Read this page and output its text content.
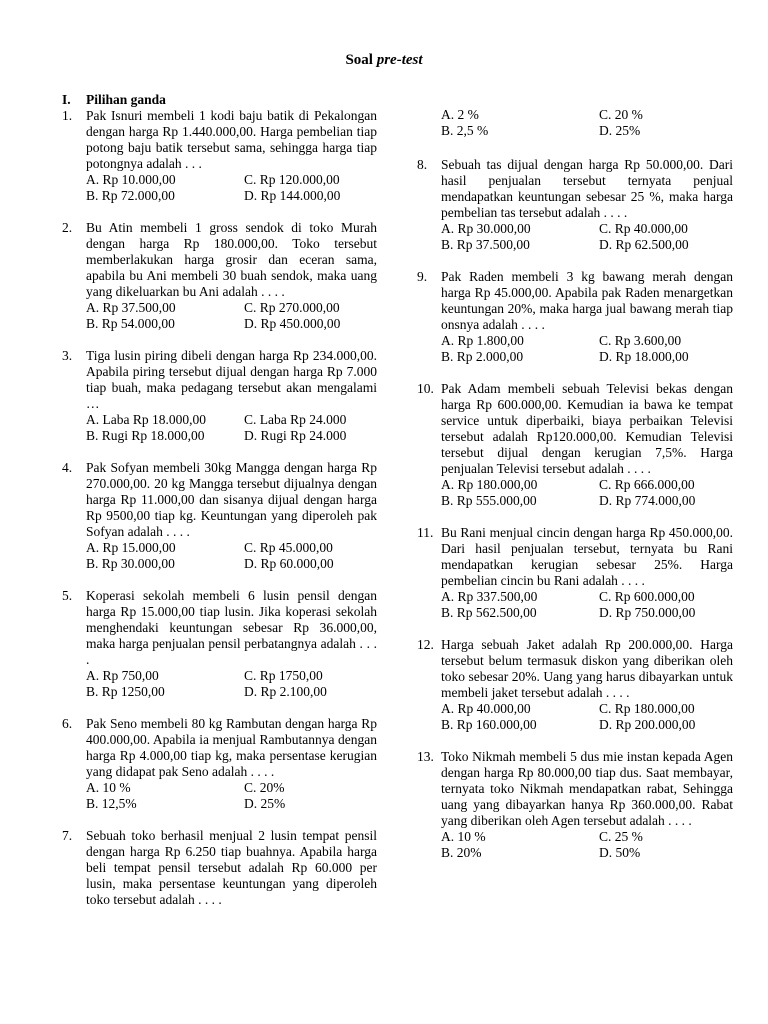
Soal pre-test
I.	Pilihan ganda
1.	Pak Isnuri membeli 1 kodi baju batik di Pekalongan dengan harga Rp 1.440.000,00. Harga pembelian tiap potong baju batik tersebut sama, sehingga harga tiap potongnya adalah . . .
A. Rp 10.000,00	C. Rp 120.000,00
B. Rp 72.000,00	D. Rp 144.000,00
2.	Bu Atin membeli 1 gross sendok di toko Murah dengan harga Rp 180.000,00. Toko tersebut memberlakukan harga grosir dan eceran sama, apabila bu Ani membeli 30 buah sendok, maka uang yang dikeluarkan bu Ani adalah . . . .
A. Rp 37.500,00	C. Rp 270.000,00
B. Rp 54.000,00	D. Rp 450.000,00
3.	Tiga lusin piring dibeli dengan harga Rp 234.000,00. Apabila piring tersebut dijual dengan harga Rp 7.000 tiap buah, maka pedagang tersebut akan mengalami …
A. Laba Rp 18.000,00	C. Laba Rp 24.000
B. Rugi Rp 18.000,00	D. Rugi Rp 24.000
4.	Pak Sofyan membeli 30kg Mangga dengan harga Rp 270.000,00. 20 kg Mangga tersebut dijualnya dengan harga Rp 11.000,00 dan sisanya dijual dengan harga Rp 9500,00 tiap kg. Keuntungan yang diperoleh pak Sofyan adalah . . . .
A. Rp 15.000,00	C. Rp 45.000,00
B. Rp 30.000,00	D. Rp 60.000,00
5.	Koperasi sekolah membeli 6 lusin pensil dengan harga Rp 15.000,00 tiap lusin. Jika koperasi sekolah menghendaki keuntungan sebesar Rp 36.000,00, maka harga penjualan pensil perbatangnya adalah . . . .
A. Rp 750,00	C. Rp 1750,00
B. Rp 1250,00	D. Rp 2.100,00
6.	Pak Seno membeli 80 kg Rambutan dengan harga Rp 400.000,00. Apabila ia menjual Rambutannya dengan harga Rp 4.000,00 tiap kg, maka persentase kerugian yang didapat pak Seno adalah . . . .
A. 10 %	C. 20%
B. 12,5%	D. 25%
7.	Sebuah toko berhasil menjual 2 lusin tempat pensil dengan harga Rp 6.250 tiap buahnya. Apabila harga beli tempat pensil tersebut adalah Rp 60.000 per lusin, maka persentase keuntungan yang diperoleh toko tersebut adalah . . . .
A. 2 %	C. 20 %
B. 2,5 %	D. 25%
8.	Sebuah tas dijual dengan harga Rp 50.000,00. Dari hasil penjualan tersebut ternyata penjual mendapatkan keuntungan sebesar 25 %, maka harga pembelian tas tersebut adalah . . . .
A. Rp 30.000,00	C. Rp 40.000,00
B. Rp 37.500,00	D. Rp 62.500,00
9.	Pak Raden membeli 3 kg bawang merah dengan harga Rp 45.000,00. Apabila pak Raden menargetkan keuntungan 20%, maka harga jual bawang merah tiap onsnya adalah . . . .
A. Rp 1.800,00	C. Rp 3.600,00
B. Rp 2.000,00	D. Rp 18.000,00
10. Pak Adam membeli sebuah Televisi bekas dengan harga Rp 600.000,00. Kemudian ia bawa ke tempat service untuk diperbaiki, biaya perbaikan Televisi tersebut adalah Rp120.000,00. Kemudian Televisi tersebut dijual dengan kerugian 7,5%. Harga penjualan Televisi tersebut adalah . . . .
A. Rp 180.000,00	C. Rp 666.000,00
B. Rp 555.000,00	D. Rp 774.000,00
11. Bu Rani menjual cincin dengan harga Rp 450.000,00. Dari hasil penjualan tersebut, ternyata bu Rani mendapatkan kerugian sebesar 25%. Harga pembelian cincin bu Rani adalah . . . .
A. Rp 337.500,00	C. Rp 600.000,00
B. Rp 562.500,00	D. Rp 750.000,00
12. Harga sebuah Jaket adalah Rp 200.000,00. Harga tersebut belum termasuk diskon yang diberikan oleh toko sebesar 20%. Uang yang harus dibayarkan untuk membeli jaket tersebut adalah . . . .
A. Rp 40.000,00	C. Rp 180.000,00
B. Rp 160.000,00	D. Rp 200.000,00
13. Toko Nikmah membeli 5 dus mie instan kepada Agen dengan harga Rp 80.000,00 tiap dus. Saat membayar, ternyata toko Nikmah mendapatkan rabat, Sehingga uang yang dibayarkan hanya Rp 360.000,00. Rabat yang diberikan oleh Agen tersebut adalah . . . .
A. 10 %	C. 25 %
B. 20%	D. 50%
